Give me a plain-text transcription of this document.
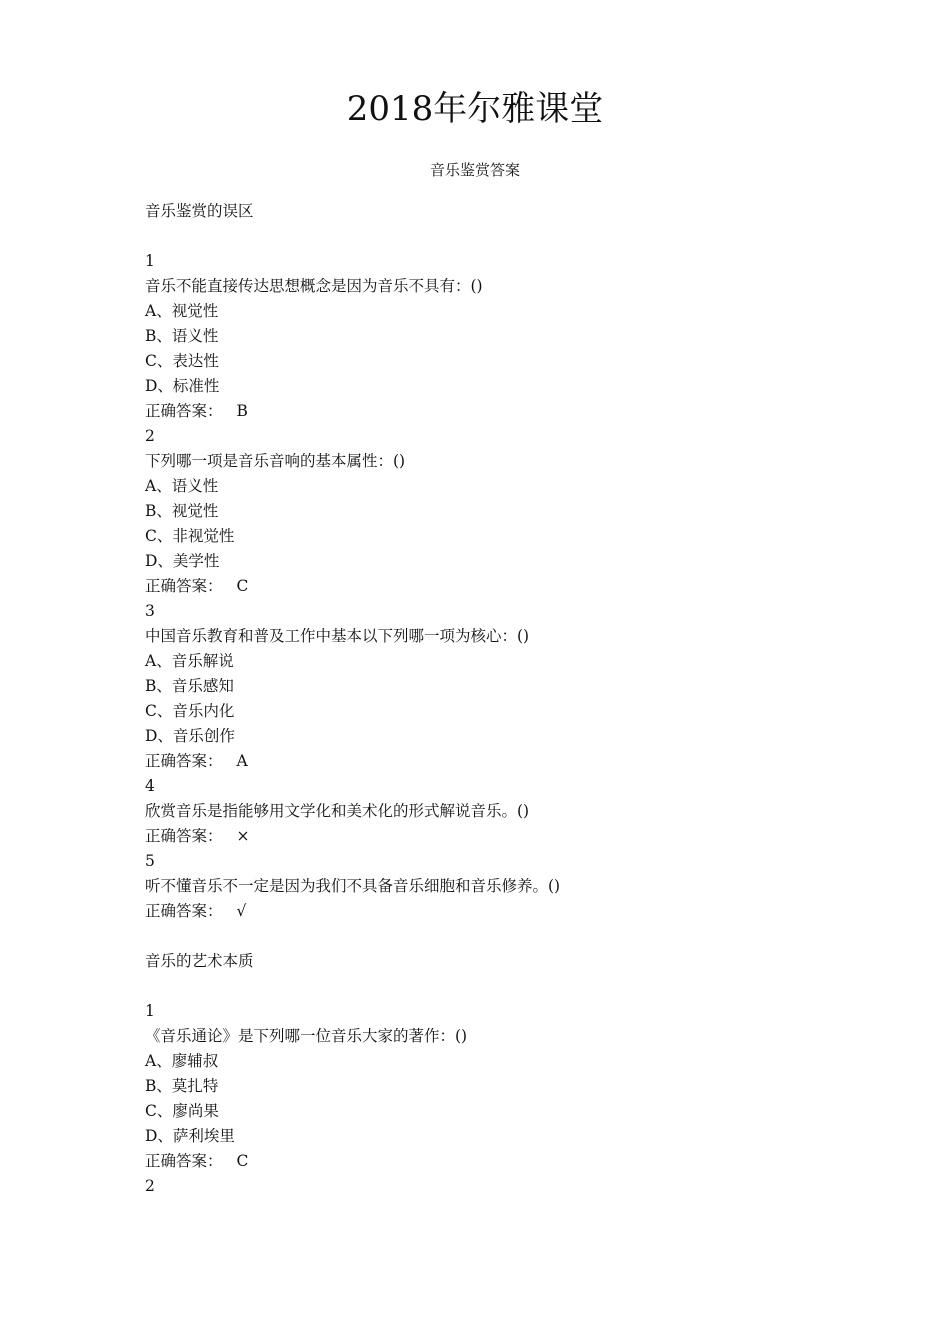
2018年尔雅课堂
音乐鉴赏答案
音乐鉴赏的误区
1
音乐不能直接传达思想概念是因为音乐不具有：()
A、视觉性
B、语义性
C、表达性
D、标准性
正确答案： B
2
下列哪一项是音乐音响的基本属性：()
A、语义性
B、视觉性
C、非视觉性
D、美学性
正确答案： C
3
中国音乐教育和普及工作中基本以下列哪一项为核心：()
A、音乐解说
B、音乐感知
C、音乐内化
D、音乐创作
正确答案： A
4
欣赏音乐是指能够用文学化和美术化的形式解说音乐。()
正确答案： ×
5
听不懂音乐不一定是因为我们不具备音乐细胞和音乐修养。()
正确答案： √
音乐的艺术本质
1
《音乐通论》是下列哪一位音乐大家的著作：()
A、廖辅叔
B、莫扎特
C、廖尚果
D、萨利埃里
正确答案： C
2
